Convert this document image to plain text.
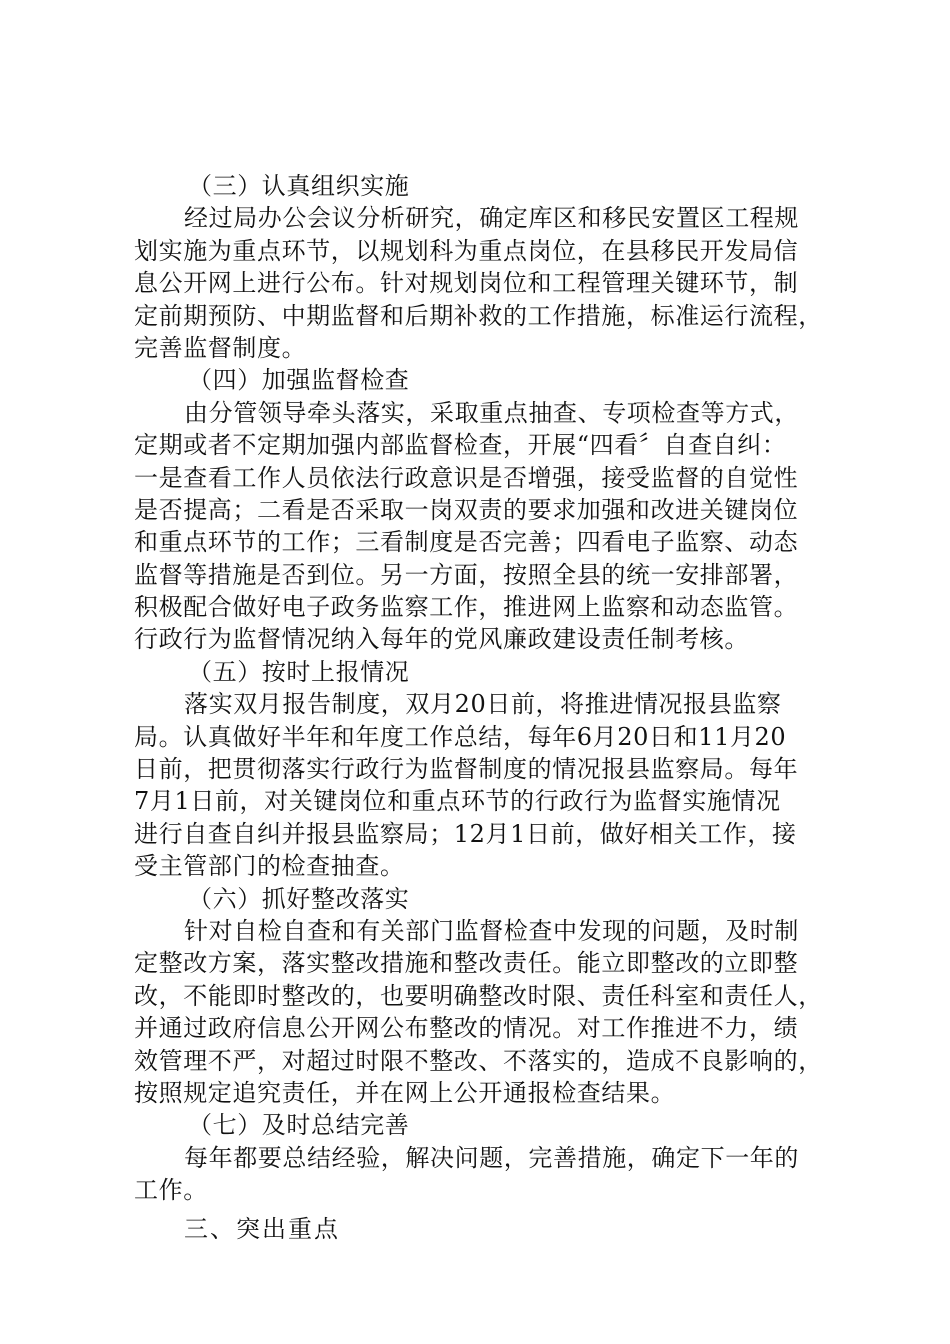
（三）认真组织实施
经过局办公会议分析研究，确定库区和移民安置区工程规
划实施为重点环节，以规划科为重点岗位，在县移民开发局信
息公开网上进行公布。针对规划岗位和工程管理关键环节，制
定前期预防、中期监督和后期补救的工作措施，标准运行流程，
完善监督制度。
（四）加强监督检查
由分管领导牵头落实，采取重点抽查、专项检查等方式，
定期或者不定期加强内部监督检查，开展“四看〞自查自纠：
一是查看工作人员依法行政意识是否增强，接受监督的自觉性
是否提高；二看是否采取一岗双责的要求加强和改进关键岗位
和重点环节的工作；三看制度是否完善；四看电子监察、动态
监督等措施是否到位。另一方面，按照全县的统一安排部署，
积极配合做好电子政务监察工作，推进网上监察和动态监管。
行政行为监督情况纳入每年的党风廉政建设责任制考核。
（五）按时上报情况
落实双月报告制度，双月20日前，将推进情况报县监察
局。认真做好半年和年度工作总结，每年6月20日和11月20
日前，把贯彻落实行政行为监督制度的情况报县监察局。每年
7月1日前，对关键岗位和重点环节的行政行为监督实施情况
进行自查自纠并报县监察局；12月1日前，做好相关工作，接
受主管部门的检查抽查。
（六）抓好整改落实
针对自检自查和有关部门监督检查中发现的问题，及时制
定整改方案，落实整改措施和整改责任。能立即整改的立即整
改，不能即时整改的，也要明确整改时限、责任科室和责任人，
并通过政府信息公开网公布整改的情况。对工作推进不力，绩
效管理不严，对超过时限不整改、不落实的，造成不良影响的，
按照规定追究责任，并在网上公开通报检查结果。
（七）及时总结完善
每年都要总结经验，解决问题，完善措施，确定下一年的
工作。
三、突出重点
